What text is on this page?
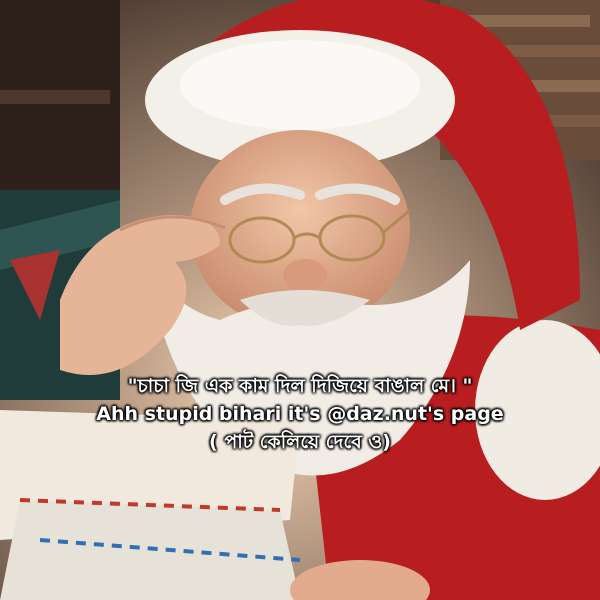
"চাচা জি এক কাম দিল দিজিয়ে বাঙাল মে। "
Ahh stupid bihari it's @daz.nut's page
( পাট কেলিয়ে দেবে ও)
